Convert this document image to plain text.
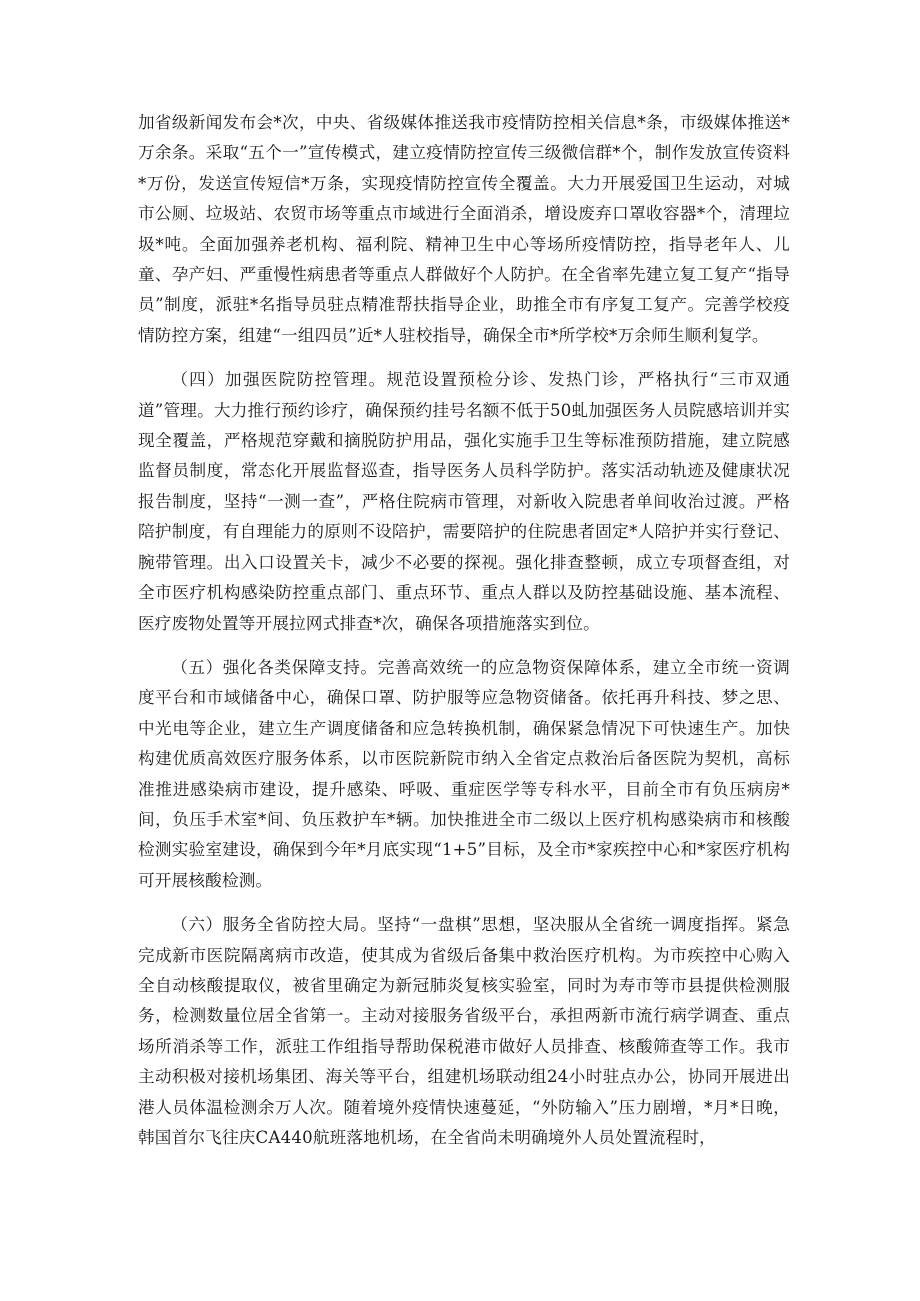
加省级新闻发布会*次，中央、省级媒体推送我市疫情防控相关信息*条，市级媒体推送*万余条。采取“五个一”宣传模式，建立疫情防控宣传三级微信群*个，制作发放宣传资料*万份，发送宣传短信*万条，实现疫情防控宣传全覆盖。大力开展爱国卫生运动，对城市公厕、垃圾站、农贸市场等重点市域进行全面消杀，增设废弃口罩收容器*个，清理垃圾*吨。全面加强养老机构、福利院、精神卫生中心等场所疫情防控，指导老年人、儿童、孕产妇、严重慢性病患者等重点人群做好个人防护。在全省率先建立复工复产“指导员”制度，派驻*名指导员驻点精准帮扶指导企业，助推全市有序复工复产。完善学校疫情防控方案，组建“一组四员”近*人驻校指导，确保全市*所学校*万余师生顺利复学。

（四）加强医院防控管理。规范设置预检分诊、发热门诊，严格执行“三市双通道”管理。大力推行预约诊疗，确保预约挂号名额不低于50虬加强医务人员院感培训并实现全覆盖，严格规范穿戴和摘脱防护用品，强化实施手卫生等标准预防措施，建立院感监督员制度，常态化开展监督巡查，指导医务人员科学防护。落实活动轨迹及健康状况报告制度，坚持“一测一查”，严格住院病市管理，对新收入院患者单间收治过渡。严格陪护制度，有自理能力的原则不设陪护，需要陪护的住院患者固定*人陪护并实行登记、腕带管理。出入口设置关卡，减少不必要的探视。强化排查整顿，成立专项督查组，对全市医疗机构感染防控重点部门、重点环节、重点人群以及防控基础设施、基本流程、医疗废物处置等开展拉网式排查*次，确保各项措施落实到位。

（五）强化各类保障支持。完善高效统一的应急物资保障体系，建立全市统一资调度平台和市域储备中心，确保口罩、防护服等应急物资储备。依托再升科技、梦之思、中光电等企业，建立生产调度储备和应急转换机制，确保紧急情况下可快速生产。加快构建优质高效医疗服务体系，以市医院新院市纳入全省定点救治后备医院为契机，高标准推进感染病市建设，提升感染、呼吸、重症医学等专科水平，目前全市有负压病房*间，负压手术室*间、负压救护车*辆。加快推进全市二级以上医疗机构感染病市和核酸检测实验室建设，确保到今年*月底实现“1+5”目标，及全市*家疾控中心和*家医疗机构可开展核酸检测。

（六）服务全省防控大局。坚持“一盘棋”思想，坚决服从全省统一调度指挥。紧急完成新市医院隔离病市改造，使其成为省级后备集中救治医疗机构。为市疾控中心购入全自动核酸提取仪，被省里确定为新冠肺炎复核实验室，同时为寿市等市县提供检测服务，检测数量位居全省第一。主动对接服务省级平台，承担两新市流行病学调查、重点场所消杀等工作，派驻工作组指导帮助保税港市做好人员排查、核酸筛查等工作。我市主动积极对接机场集团、海关等平台，组建机场联动组24小时驻点办公，协同开展进出港人员体温检测余万人次。随着境外疫情快速蔓延，“外防输入”压力剧增，*月*日晚，韩国首尔飞往庆CA440航班落地机场，在全省尚未明确境外人员处置流程时，
